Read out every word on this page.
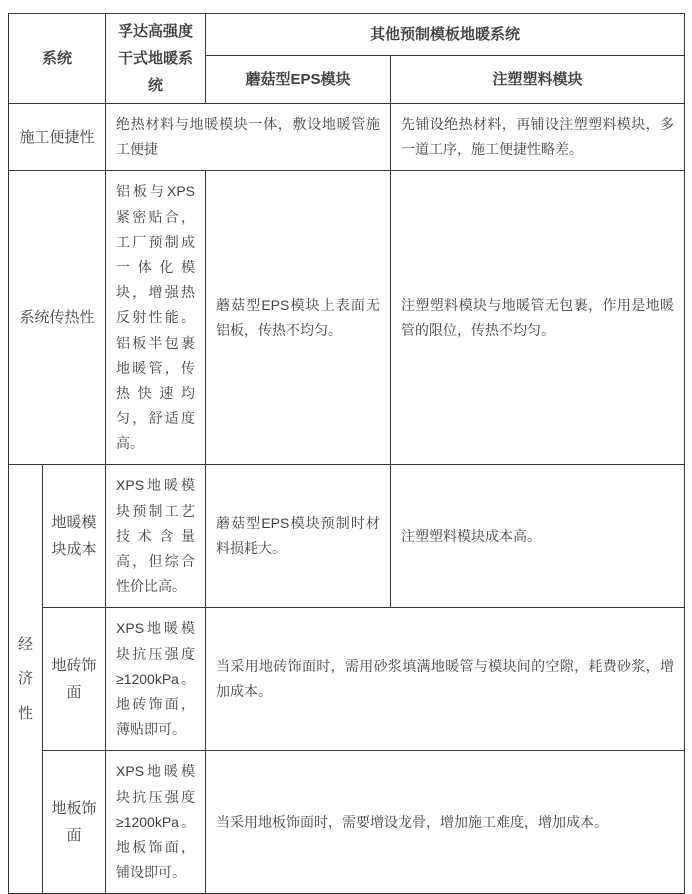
系统		孚达高强度干式地暖系统	其他预制模板地暖系统	
			蘑菇型EPS模块	注塑塑料模块
施工便捷性		绝热材料与地暖模块一体，敷设地暖管施工便捷		先铺设绝热材料，再铺设注塑塑料模块，多一道工序，施工便捷性略差。
系统传热性		铝板与XPS紧密贴合，工厂预制成一体化模块，增强热反射性能。铝板半包裹地暖管，传热快速均匀，舒适度高。	蘑菇型EPS模块上表面无铝板，传热不均匀。	注塑塑料模块与地暖管无包裹，作用是地暖管的限位，传热不均匀。
经济性	地暖模块成本	XPS地暖模块预制工艺技术含量高，但综合性价比高。	蘑菇型EPS模块预制时材料损耗大。	注塑塑料模块成本高。
	地砖饰面	XPS地暖模块抗压强度≥1200kPa。地砖饰面，薄贴即可。	当采用地砖饰面时，需用砂浆填满地暖管与模块间的空隙，耗费砂浆，增加成本。	
	地板饰面	XPS地暖模块抗压强度≥1200kPa。地板饰面，铺设即可。	当采用地板饰面时，需要增设龙骨，增加施工难度，增加成本。	
